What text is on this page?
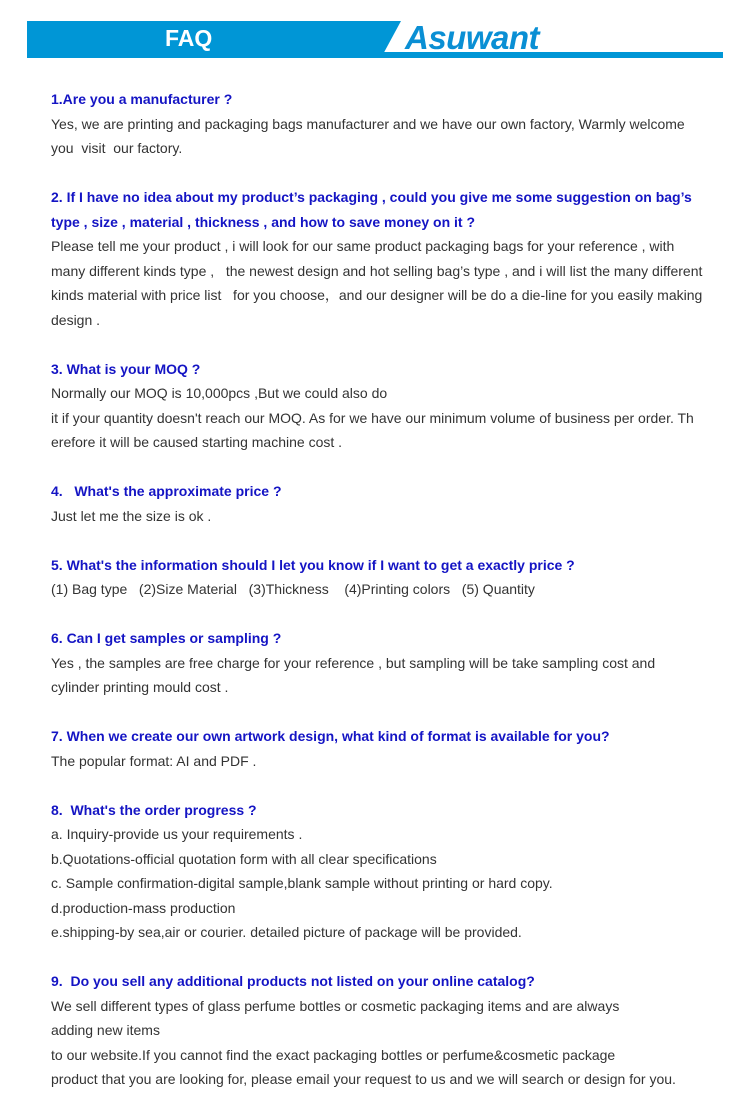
FAQ	Asuwant
1.Are you a manufacturer ?
Yes, we are printing and packaging bags manufacturer and we have our own factory, Warmly welcome
you  visit  our factory.
2. If I have no idea about my product’s packaging , could you give me some suggestion on bag’s
type , size , material , thickness , and how to save money on it ?
Please tell me your product , i will look for our same product packaging bags for your reference , with
many different kinds type ,   the newest design and hot selling bag’s type , and i will list the many different
kinds material with price list   for you choose，and our designer will be do a die-line for you easily making
design .
3. What is your MOQ ?
Normally our MOQ is 10,000pcs ,But we could also do
it if your quantity doesn't reach our MOQ. As for we have our minimum volume of business per order. Th
erefore it will be caused starting machine cost .
4.   What's the approximate price ?
Just let me the size is ok .
5. What's the information should I let you know if I want to get a exactly price ?
(1) Bag type   (2)Size Material   (3)Thickness    (4)Printing colors   (5) Quantity
6. Can I get samples or sampling ?
Yes , the samples are free charge for your reference , but sampling will be take sampling cost and
cylinder printing mould cost .
7. When we create our own artwork design, what kind of format is available for you?
The popular format: AI and PDF .
8.  What's the order progress ?
a. Inquiry-provide us your requirements .
b.Quotations-official quotation form with all clear specifications
c. Sample confirmation-digital sample,blank sample without printing or hard copy.
d.production-mass production
e.shipping-by sea,air or courier. detailed picture of package will be provided.
9.  Do you sell any additional products not listed on your online catalog?
We sell different types of glass perfume bottles or cosmetic packaging items and are always
adding new items
to our website.If you cannot find the exact packaging bottles or perfume&cosmetic package
product that you are looking for, please email your request to us and we will search or design for you.
